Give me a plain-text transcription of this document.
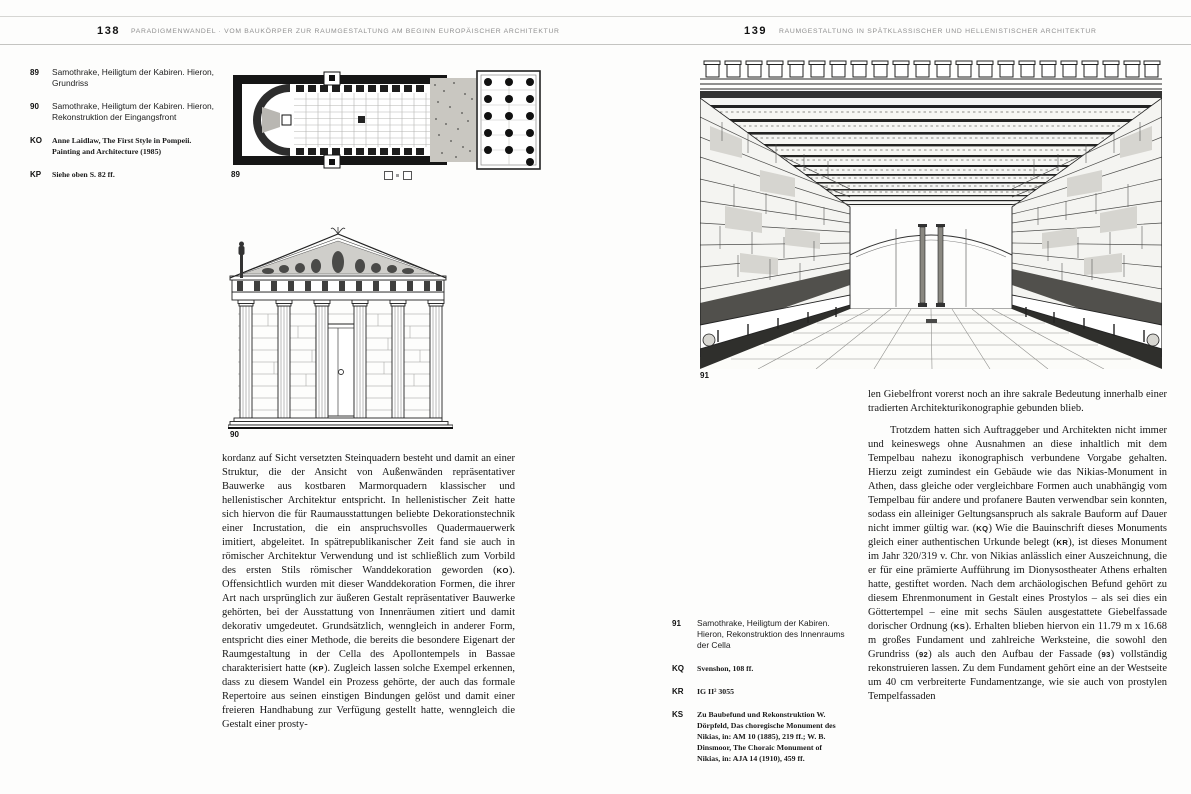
138 PARADIGMENWANDEL · VOM BAUKÖRPER ZUR RAUMGESTALTUNG AM BEGINN EUROPÄISCHER ARCHITEKTUR	139 RAUMGESTALTUNG IN SPÄTKLASSISCHER UND HELLENISTISCHER ARCHITEKTUR
89	Samothrake, Heiligtum der Kabiren. Hieron, Grundriss
90	Samothrake, Heiligtum der Kabiren. Hieron, Rekonstruktion der Eingangsfront
KO	Anne Laidlaw, The First Style in Pompeii. Painting and Architecture (1985)
KP	Siehe oben S. 82 ff.	89
90

kordanz auf Sicht versetzten Steinquadern besteht und damit an einer Struktur, die der Ansicht von Außenwänden repräsentativer Bauwerke aus kostbaren Marmorquadern klassischer und hellenistischer Architektur entspricht. In hellenistischer Zeit hatte sich hiervon die für Raumausstattungen beliebte Dekorationstechnik einer Incrustation, die ein anspruchsvolles Quadermauerwerk imitiert, abgeleitet. In spätrepublikanischer Zeit fand sie auch in römischer Architektur Verwendung und ist schließlich zum Vorbild des ersten Stils römischer Wanddekoration geworden (KO). Offensichtlich wurden mit dieser Wanddekoration Formen, die ihrer Art nach ursprünglich zur äußeren Gestalt repräsentativer Bauwerke gehörten, bei der Ausstattung von Innenräumen zitiert und damit dekorativ umgedeutet. Grundsätzlich, wenngleich in anderer Form, entspricht dies einer Methode, die bereits die besondere Eigenart der Raumgestaltung in der Cella des Apollontempels in Bassae charakterisiert hatte (KP). Zugleich lassen solche Exempel erkennen, dass zu diesem Wandel ein Prozess gehörte, der auch das formale Repertoire aus seinen einstigen Bindungen gelöst und damit einer freieren Handhabung zur Verfügung gestellt hatte, wenngleich die Gestalt einer prosty-

91

len Giebelfront vorerst noch an ihre sakrale Bedeutung innerhalb einer tradierten Architekturikonographie gebunden blieb.

Trotzdem hatten sich Auftraggeber und Architekten nicht immer und keineswegs ohne Ausnahmen an diese inhaltlich mit dem Tempelbau nahezu ikonographisch verbundene Vorgabe gehalten. Hierzu zeigt zumindest ein Gebäude wie das Nikias-Monument in Athen, dass gleiche oder vergleichbare Formen auch unabhängig vom Tempelbau für andere und profanere Bauten verwendbar sein konnten, sodass ein alleiniger Geltungsanspruch als sakrale Bauform auf Dauer nicht immer gültig war. (KQ) Wie die Bauinschrift dieses Monuments gleich einer authentischen Urkunde belegt (KR), ist dieses Monument im Jahr 320/319 v. Chr. von Nikias anlässlich einer Auszeichnung, die er für eine prämierte Aufführung im Dionysostheater Athens erhalten hatte, gestiftet worden. Nach dem archäologischen Befund gehört zu diesem Ehrenmonument in Gestalt eines Prostylos – als sei dies ein Göttertempel – eine mit sechs Säulen ausgestattete Giebelfassade dorischer Ordnung (KS). Erhalten blieben hiervon ein 11.79 m x 16.68 m großes Fundament und zahlreiche Werksteine, die sowohl den Grundriss (92) als auch den Aufbau der Fassade (93) vollständig rekonstruieren lassen. Zu dem Fundament gehört eine an der Westseite um 40 cm verbreiterte Fundamentzange, wie sie auch von prostylen Tempelfassaden

91	Samothrake, Heiligtum der Kabiren. Hieron, Rekonstruktion des Innenraums der Cella
KQ	Svenshon, 108 ff.
KR	IG II² 3055
KS	Zu Baubefund und Rekonstruktion W. Dörpfeld, Das choregische Monument des Nikias, in: AM 10 (1885), 219 ff.; W. B. Dinsmoor, The Choraic Monument of Nikias, in: AJA 14 (1910), 459 ff.
